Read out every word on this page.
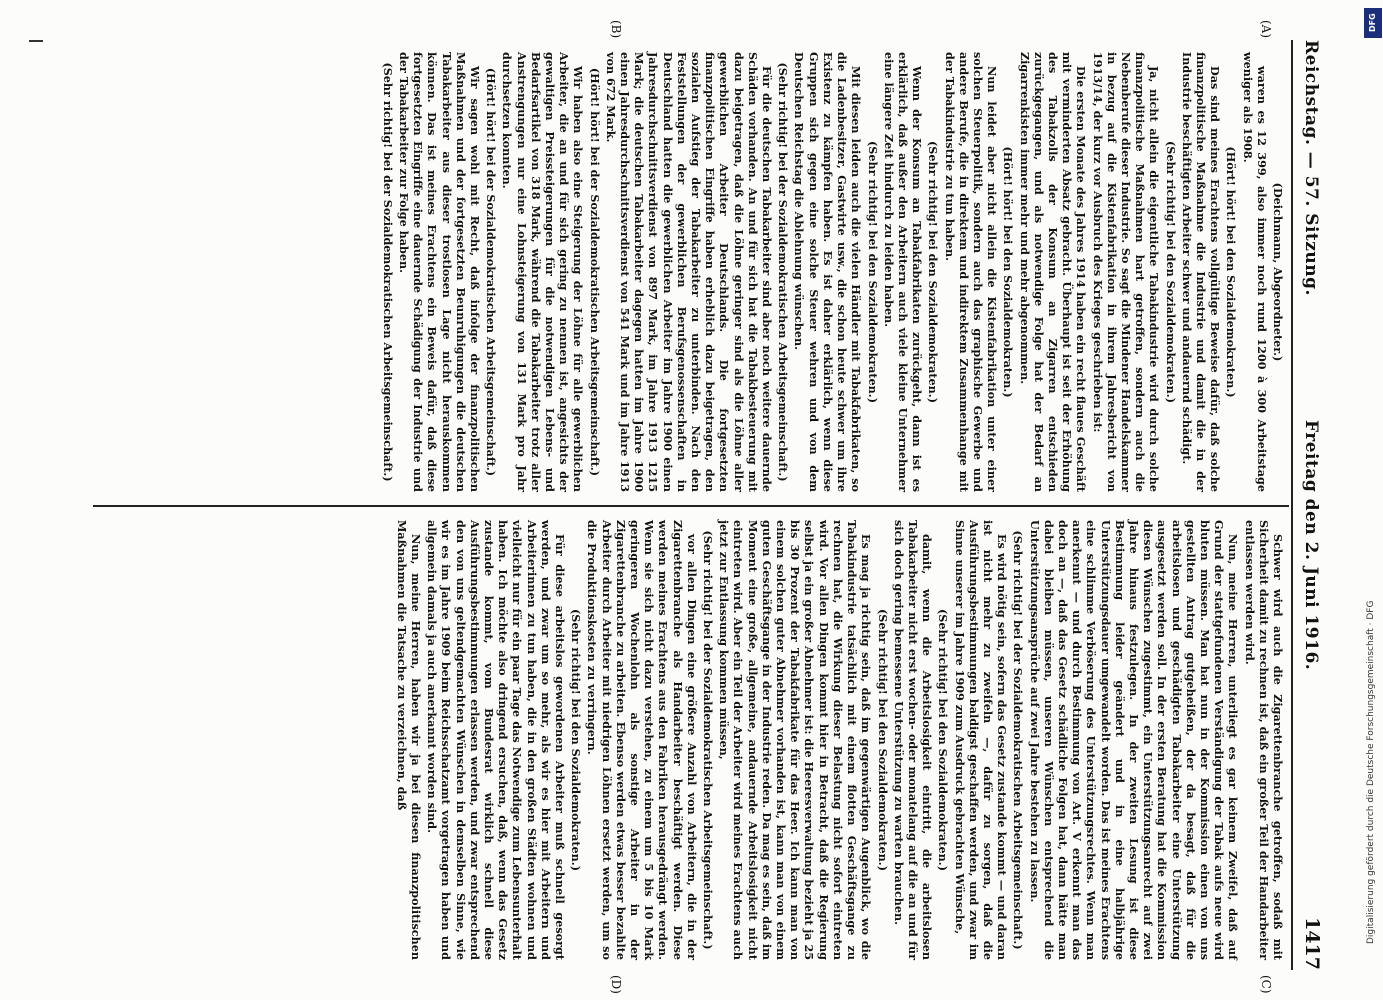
Reichstag. — 57. Sitzung.
Freitag den 2. Juni 1916.
1417
(A)
(B)
(C)
(D)

(Deichmann, Abgeordneter.)

waren es 12 399, also immer noch rund 1200 à 300 Arbeitstage weniger als 1908.

(Hört! hört! bei den Sozialdemokraten.)

Das sind meines Erachtens vollgültige Beweise dafür, daß solche finanzpolitische Maßnahme die Industrie und damit die in der Industrie beschäftigten Arbeiter schwer und andauernd schädigt.

(Sehr richtig! bei den Sozialdemokraten.)

Ja, nicht allein die eigentliche Tabakindustrie wird durch solche finanzpolitische Maßnahmen hart getroffen, sondern auch die Nebenberufe dieser Industrie. So sagt die Mindener Handelskammer in bezug auf die Kistenfabrikation in ihrem Jahresbericht von 1913/14, der kurz vor Ausbruch des Krieges geschrieben ist:

Die ersten Monate des Jahres 1914 haben ein recht flaues Geschäft mit verminderten Absatz gebracht. Überhaupt ist seit der Erhöhung des Tabakzolls der Konsum an Zigarren entschieden zurückgegangen, und als notwendige Folge hat der Bedarf an Zigarrenkisten immer mehr und mehr abgenommen.

(Hört! hört! bei den Sozialdemokraten.)

Nun leidet aber nicht allein die Kistenfabrikation unter einer solchen Steuerpolitik, sondern auch das graphische Gewerbe und andere Berufe, die in direktem und indirektem Zusammenhange mit der Tabakindustrie zu tun haben.

(Sehr richtig! bei den Sozialdemokraten.)

Wenn der Konsum an Tabakfabrikaten zurückgeht, dann ist es erklärlich, daß außer den Arbeitern auch viele kleine Unternehmer eine längere Zeit hindurch zu leiden haben.

(Sehr richtig! bei den Sozialdemokraten.)

Mit diesen leiden auch die vielen Händler mit Tabakfabrikaten, so die Ladenbesitzer, Gastwirte usw., die schon heute schwer um ihre Existenz zu kämpfen haben. Es ist daher erklärlich, wenn diese Gruppen sich gegen eine solche Steuer wehren und von dem Deutschen Reichstag die Ablehnung wünschen.

(Sehr richtig! bei der Sozialdemokratischen Arbeitsgemeinschaft.)

Für die deutschen Tabakarbeiter sind aber noch weitere dauernde Schäden vorhanden. An und für sich hat die Tabakbesteuerung mit dazu beigetragen, daß die Löhne geringer sind als die Löhne aller gewerblichen Arbeiter Deutschlands. Die fortgesetzten finanzpolitischen Eingriffe haben erheblich dazu beigetragen, den sozialen Aufstieg der Tabakarbeiter zu unterbinden. Nach den Feststellungen der gewerblichen Berufsgenossenschaften in Deutschland hatten die gewerblichen Arbeiter im Jahre 1900 einen Jahresdurchschnittsverdienst von 897 Mark, im Jahre 1913 1215 Mark; die deutschen Tabakarbeiter dagegen hatten im Jahre 1900 einen Jahresdurchschnittsverdienst von 541 Mark und im Jahre 1913 von 672 Mark.

(Hört! hört! bei der Sozialdemokratischen Arbeitsgemeinschaft.)

Wir haben also eine Steigerung der Löhne für alle gewerblichen Arbeiter, die an und für sich gering zu nennen ist, angesichts der gewaltigen Preissteigerungen für die notwendigen Lebens- und Bedarfsartikel von 318 Mark, während die Tabakarbeiter trotz aller Anstrengungen nur eine Lohnsteigerung von 131 Mark pro Jahr durchsetzen konnten.

(Hört! hört! bei der Sozialdemokratischen Arbeitsgemeinschaft.)

Wir sagen wohl mit Recht, daß infolge der finanzpolitischen Maßnahmen und der fortgesetzten Beunruhigungen die deutschen Tabakarbeiter aus dieser trostlosen Lage nicht herauskommen können. Das ist meines Erachtens ein Beweis dafür, daß diese fortgesetzten Eingriffe eine dauernde Schädigung der Industrie und der Tabakarbeiter zur Folge haben.

(Sehr richtig! bei der Sozialdemokratischen Arbeitsgemeinschaft.)

Schwer wird auch die Zigarettenbranche getroffen, sodaß mit Sicherheit damit zu rechnen ist, daß ein großer Teil der Handarbeiter entlassen werden wird.

Nun, meine Herren, unterliegt es gar keinem Zweifel, daß auf Grund der stattgefundenen Verständigung der Tabak aufs neue wird bluten müssen. Man hat nun in der Kommission einen von uns gestellten Antrag gutgeheißen, der da besagt, daß für die arbeitslosen und geschädigten Tabakarbeiter eine Unterstützung ausgesetzt werden soll. In der ersten Beratung hat die Kommission diesen Wünschen zugestimmt, ein Unterstützungsanrecht auf zwei Jahre hinaus festzulegen. In der zweiten Lesung ist diese Bestimmung leider geändert und in eine halbjährige Unterstützungsdauer umgewandelt worden. Das ist meines Erachtens eine schlimme Verböserung des Unterstützungsrechtes. Wenn man anerkennt — und durch Bestimmung von Art. V erkennt man das doch an —, daß das Gesetz schädliche Folgen hat, dann hätte man dabei bleiben müssen, unseren Wünschen entsprechend die Unterstützungsansprüche auf zwei Jahre bestehen zu lassen.

(Sehr richtig! bei der Sozialdemokratischen Arbeitsgemeinschaft.)

Es wird nötig sein, sofern das Gesetz zustande kommt — und daran ist nicht mehr zu zweifeln —, dafür zu sorgen, daß die Ausführungsbestimmungen baldigst geschaffen werden, und zwar im Sinne unserer im Jahre 1909 zum Ausdruck gebrachten Wünsche,

(Sehr richtig! bei den Sozialdemokraten.)

damit, wenn die Arbeitslosigkeit eintritt, die arbeitslosen Tabakarbeiter nicht erst wochen- oder monatelang auf die an und für sich doch gering bemessene Unterstützung zu warten brauchen.

(Sehr richtig! bei den Sozialdemokraten.)

Es mag ja richtig sein, daß im gegenwärtigen Augenblick, wo die Tabakindustrie tatsächlich mit einem flotten Geschäftsgange zu rechnen hat, die Wirkung dieser Belastung nicht sofort eintreten wird. Vor allen Dingen kommt hier in Betracht, daß die Regierung selbst ja ein großer Abnehmer ist: die Heeresverwaltung bezieht ja 25 bis 30 Prozent der Tabakfabrikate für das Heer. Ich kann man von einem solchen guter Abnehmer vorhanden ist, kann man von einem guten Geschäftsgange in der Industrie reden. Da mag es sein, daß im Moment eine große, allgemeine, andauernde Arbeitslosigkeit nicht eintreten wird. Aber ein Teil der Arbeiter wird meines Erachtens auch jetzt zur Entlassung kommen müssen,

(Sehr richtig! bei der Sozialdemokratischen Arbeitsgemeinschaft.)

vor allen Dingen eine größere Anzahl von Arbeitern, die in der Zigarettenbranche als Handarbeiter beschäftigt werden. Diese werden meines Erachtens aus den Fabriken herausgedrängt werden. Wenn sie sich nicht dazu verstehen, zu einem um 5 bis 10 Mark geringeren Wochenlohn als sonstige Arbeiter in der Zigarettenbranche zu arbeiten. Ebenso werden etwas besser bezahlte Arbeiter durch Arbeiter mit niedrigen Löhnen ersetzt werden, um so die Produktionskosten zu verringern.

(Sehr richtig! bei den Sozialdemokraten.)

Für diese arbeitslos gewordenen Arbeiter muß schnell gesorgt werden, und zwar um so mehr, als wir es hier mit Arbeitern und Arbeiterinnen zu tun haben, die in den großen Städten wohnen und vielleicht nur für ein paar Tage das Notwendige zum Lebensunterhalt haben. Ich möchte also dringend ersuchen, daß, wenn das Gesetz zustande kommt, vom Bundesrat wirklich schnell diese Ausführungsbestimmungen erlassen werden, und zwar entsprechend den von uns geltendgemachten Wünschen in demselben Sinne, wie wir es im Jahre 1909 beim Reichsschatzamt vorgetragen haben und allgemein damals ja auch anerkannt worden sind.

Nun, meine Herren, haben wir ja bei diesen finanzpolitischen Maßnahmen die Tatsache zu verzeichnen, daß

DFG
Digitalisierung gefördert durch die Deutsche Forschungsgemeinschaft · DFG
